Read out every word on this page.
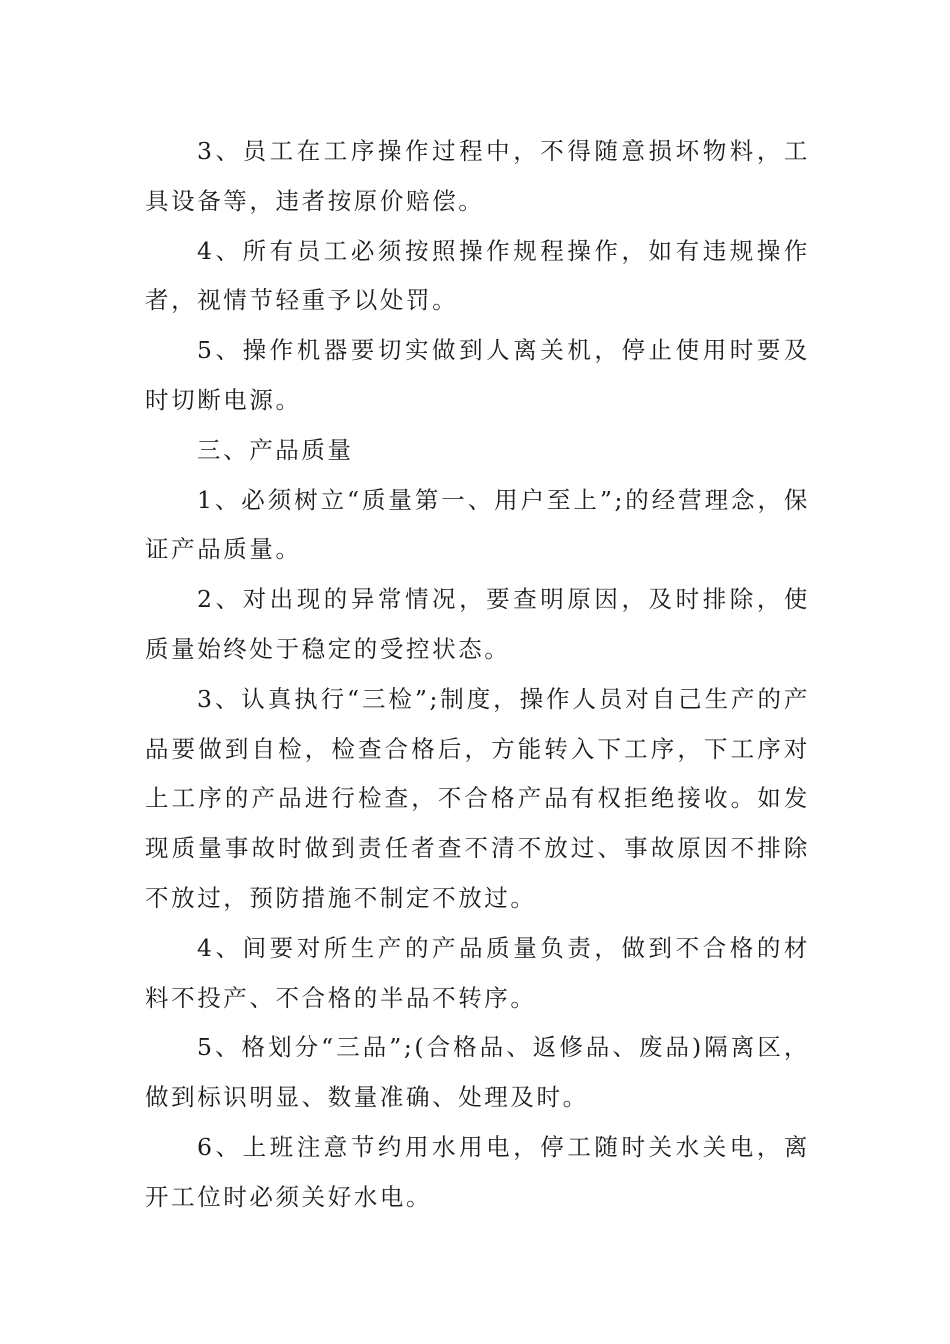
3、员工在工序操作过程中，不得随意损坏物料，工具设备等，违者按原价赔偿。

4、所有员工必须按照操作规程操作，如有违规操作者，视情节轻重予以处罚。

5、操作机器要切实做到人离关机，停止使用时要及时切断电源。

三、产品质量

1、必须树立“质量第一、用户至上”;的经营理念，保证产品质量。

2、对出现的异常情况，要查明原因，及时排除，使质量始终处于稳定的受控状态。

3、认真执行“三检”;制度，操作人员对自己生产的产品要做到自检，检查合格后，方能转入下工序，下工序对上工序的产品进行检查，不合格产品有权拒绝接收。如发现质量事故时做到责任者查不清不放过、事故原因不排除不放过，预防措施不制定不放过。

4、间要对所生产的产品质量负责，做到不合格的材料不投产、不合格的半品不转序。

5、格划分“三品”;(合格品、返修品、废品)隔离区，做到标识明显、数量准确、处理及时。

6、上班注意节约用水用电，停工随时关水关电，离开工位时必须关好水电。
